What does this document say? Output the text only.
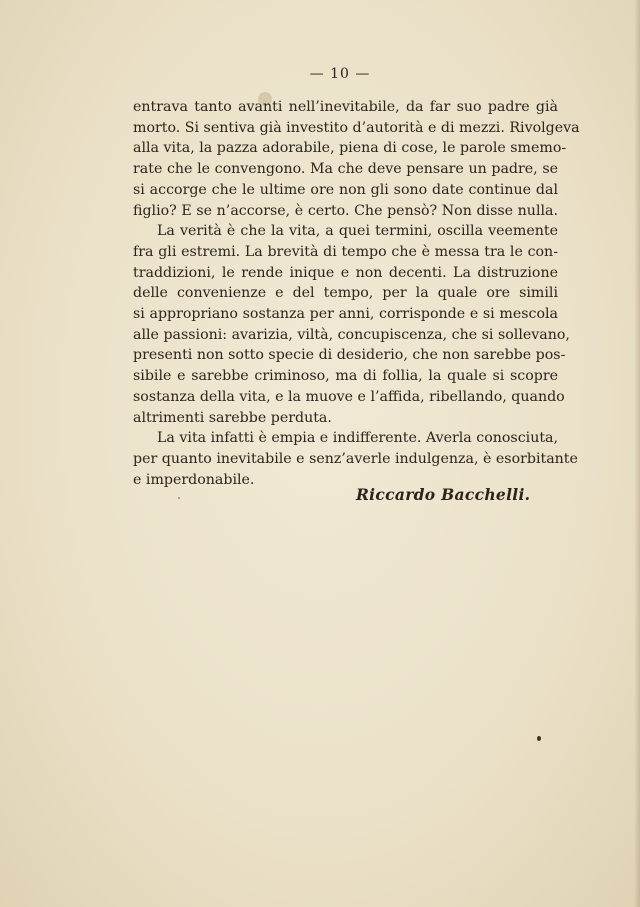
— 10 —

entrava tanto avanti nell’inevitabile, da far suo padre già
morto. Si sentiva già investito d’autorità e di mezzi. Rivolgeva
alla vita, la pazza adorabile, piena di cose, le parole smemo-
rate che le convengono. Ma che deve pensare un padre, se
si accorge che le ultime ore non gli sono date continue dal
figlio? E se n’accorse, è certo. Che pensò? Non disse nulla.

La verità è che la vita, a quei termini, oscilla veemente
fra gli estremi. La brevità di tempo che è messa tra le con-
traddizioni, le rende inique e non decenti. La distruzione
delle convenienze e del tempo, per la quale ore simili
si appropriano sostanza per anni, corrisponde e si mescola
alle passioni: avarizia, viltà, concupiscenza, che si sollevano,
presenti non sotto specie di desiderio, che non sarebbe pos-
sibile e sarebbe criminoso, ma di follia, la quale si scopre
sostanza della vita, e la muove e l’affida, ribellando, quando
altrimenti sarebbe perduta.

La vita infatti è empia e indifferente. Averla conosciuta,
per quanto inevitabile e senz’averle indulgenza, è esorbitante
e imperdonabile.

Riccardo Bacchelli.
